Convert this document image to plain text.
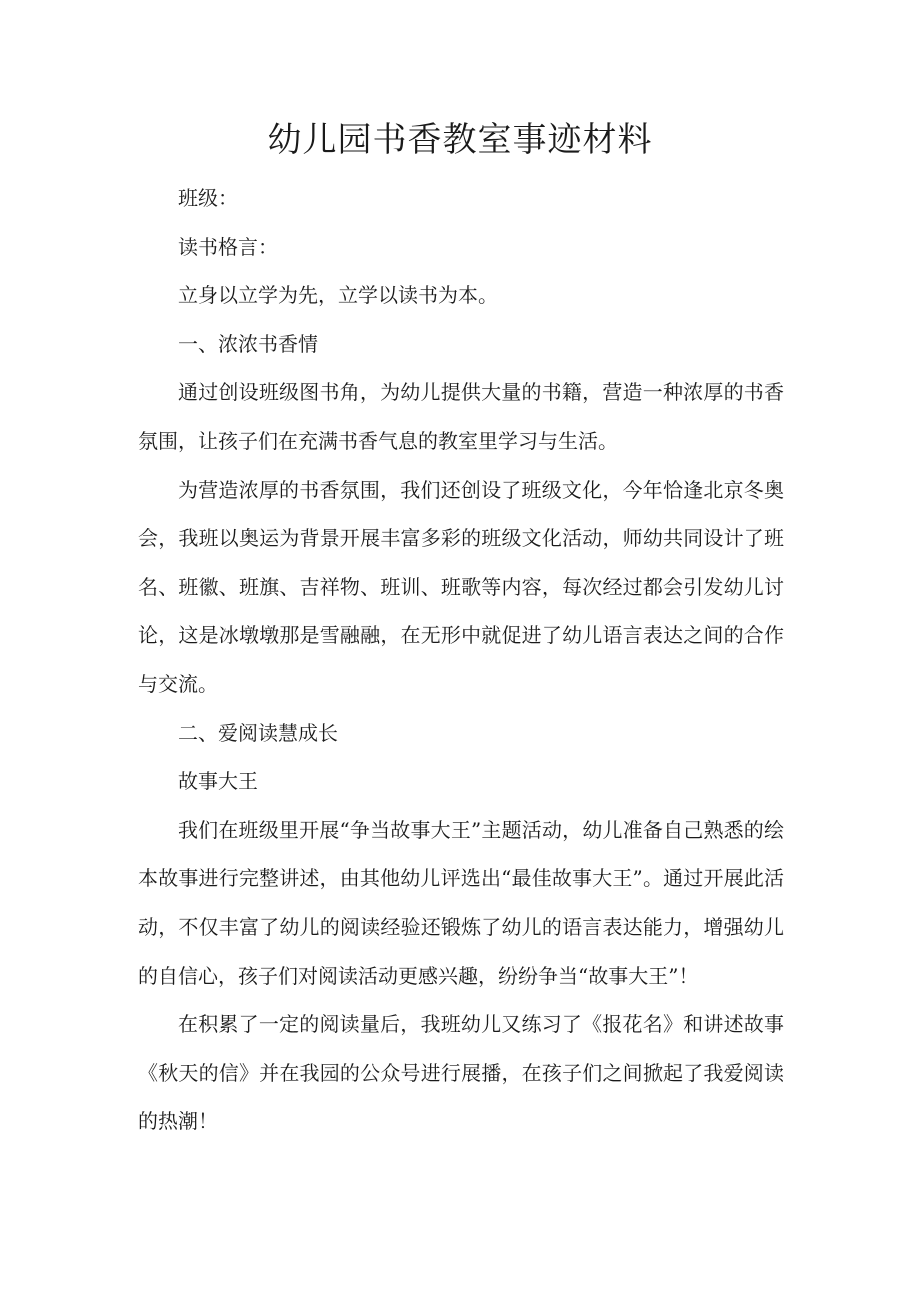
幼儿园书香教室事迹材料

班级：

读书格言：

立身以立学为先，立学以读书为本。

一、浓浓书香情

通过创设班级图书角，为幼儿提供大量的书籍，营造一种浓厚的书香氛围，让孩子们在充满书香气息的教室里学习与生活。

为营造浓厚的书香氛围，我们还创设了班级文化，今年恰逢北京冬奥会，我班以奥运为背景开展丰富多彩的班级文化活动，师幼共同设计了班名、班徽、班旗、吉祥物、班训、班歌等内容，每次经过都会引发幼儿讨论，这是冰墩墩那是雪融融，在无形中就促进了幼儿语言表达之间的合作与交流。

二、爱阅读慧成长

故事大王

我们在班级里开展“争当故事大王”主题活动，幼儿准备自己熟悉的绘本故事进行完整讲述，由其他幼儿评选出“最佳故事大王”。通过开展此活动，不仅丰富了幼儿的阅读经验还锻炼了幼儿的语言表达能力，增强幼儿的自信心，孩子们对阅读活动更感兴趣，纷纷争当“故事大王”！

在积累了一定的阅读量后，我班幼儿又练习了《报花名》和讲述故事《秋天的信》并在我园的公众号进行展播，在孩子们之间掀起了我爱阅读的热潮！
